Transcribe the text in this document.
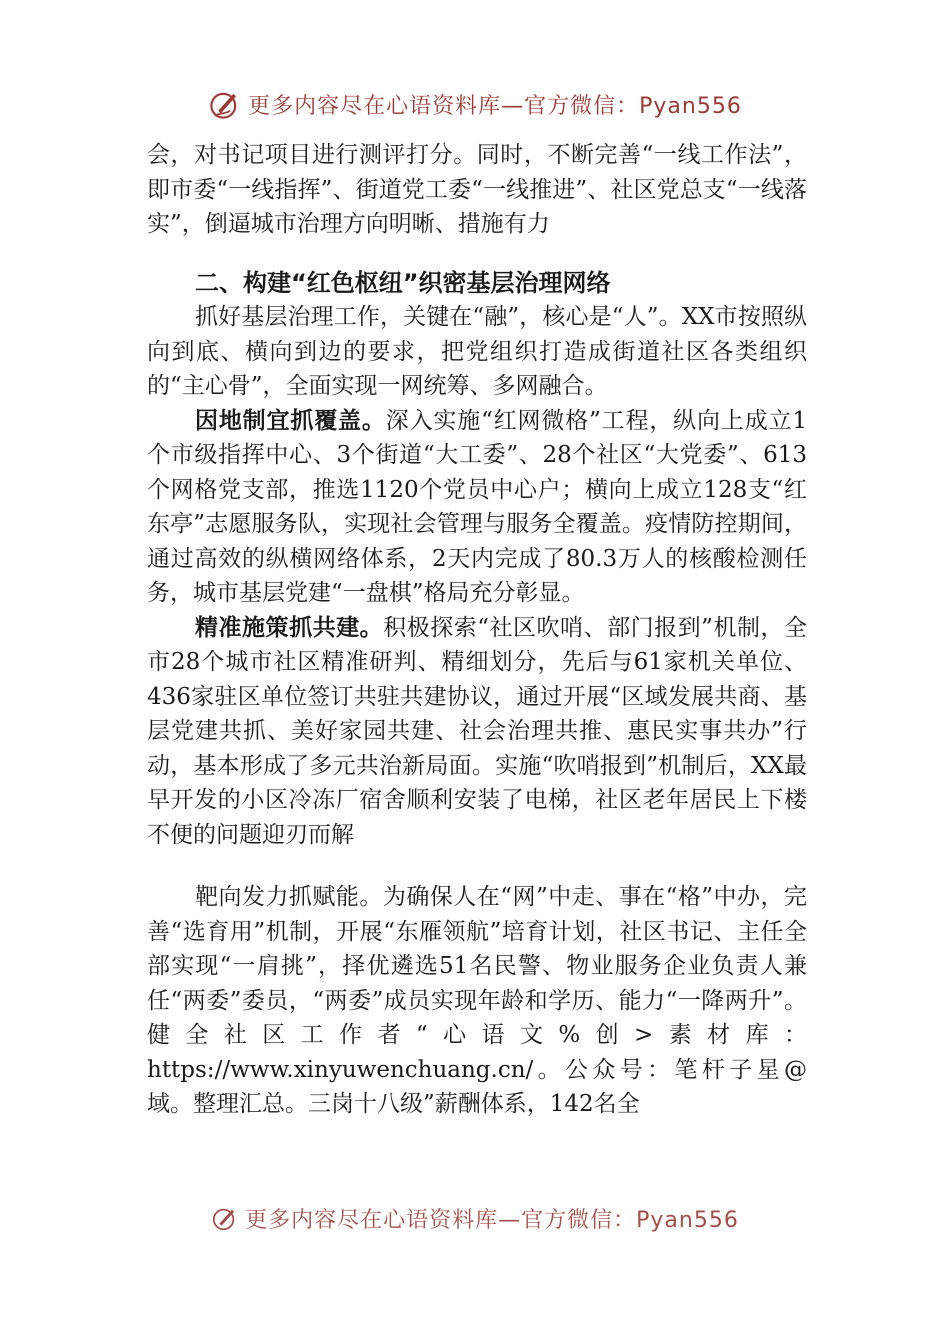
更多内容尽在心语资料库—官方微信：Pyan556

会，对书记项目进行测评打分。同时，不断完善“一线工作法”，即市委“一线指挥”、街道党工委“一线推进”、社区党总支“一线落实”，倒逼城市治理方向明晰、措施有力

二、构建“红色枢纽”织密基层治理网络

抓好基层治理工作，关键在“融”，核心是“人”。XX市按照纵向到底、横向到边的要求，把党组织打造成街道社区各类组织的“主心骨”，全面实现一网统筹、多网融合。

因地制宜抓覆盖。深入实施“红网微格”工程，纵向上成立1个市级指挥中心、3个街道“大工委”、28个社区“大党委”、613个网格党支部，推选1120个党员中心户；横向上成立128支“红东亭”志愿服务队，实现社会管理与服务全覆盖。疫情防控期间，通过高效的纵横网络体系，2天内完成了80.3万人的核酸检测任务，城市基层党建“一盘棋”格局充分彰显。

精准施策抓共建。积极探索“社区吹哨、部门报到”机制，全市28个城市社区精准研判、精细划分，先后与61家机关单位、436家驻区单位签订共驻共建协议，通过开展“区域发展共商、基层党建共抓、美好家园共建、社会治理共推、惠民实事共办”行动，基本形成了多元共治新局面。实施“吹哨报到”机制后，XX最早开发的小区冷冻厂宿舍顺利安装了电梯，社区老年居民上下楼不便的问题迎刃而解

靶向发力抓赋能。为确保人在“网”中走、事在“格”中办，完善“选育用”机制，开展“东雁领航”培育计划，社区书记、主任全部实现“一肩挑”，择优遴选51名民警、物业服务企业负责人兼任“两委”委员，“两委”成员实现年龄和学历、能力“一降两升”。健全社区工作者“心语文%创>素材库：https://www.xinyuwenchuang.cn/。公众号：笔杆子星@域。整理汇总。三岗十八级”薪酬体系，142名全

更多内容尽在心语资料库—官方微信：Pyan556
